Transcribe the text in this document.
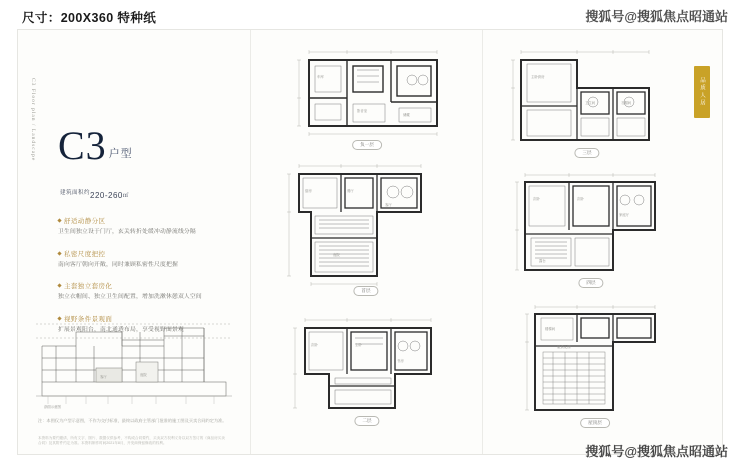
尺寸：200X360 特种纸	搜狐号@搜狐焦点昭通站
C3 Floor plan / Landscape C3 户型
$^{建筑面积约}$220-260㎡
舒适动静分区
卫生间独立设于门厅，玄关转折处缓冲动静流线分隔
私密尺度把控
南向客厅朝向开敞，同时兼顾私密性尺度把握
主套独立套房化
独立衣帽间、独立卫生间配置，增加洗漱休憩双人空间
视野条件景观面
扩展景观阳台，南北通透布局，享受视野面景观
客厅	庭院
剖面示意图
注：本图仅为户型示意图，不作为交付标准，最终以政府主管部门批准的施工图及买卖合同约定为准。
本资料为要约邀请，所有文字、图片、数据仅供参考，不构成合同要约，买卖双方权利义务以双方签订的《商品房买卖合同》及其附件约定为准。本资料制作时间2021年8月，开发商保留修改的权利。
车库
影音室
储藏
负一层
厨房	餐厅
客厅
庭院
首层
次卧	主卧
书房
二层
品质人居
主卧套房
卫生间	衣帽间
三层
次卧	次卧
家庭厅
露台
四层
楼梯间
屋顶花园
屋顶层
搜狐号@搜狐焦点昭通站
